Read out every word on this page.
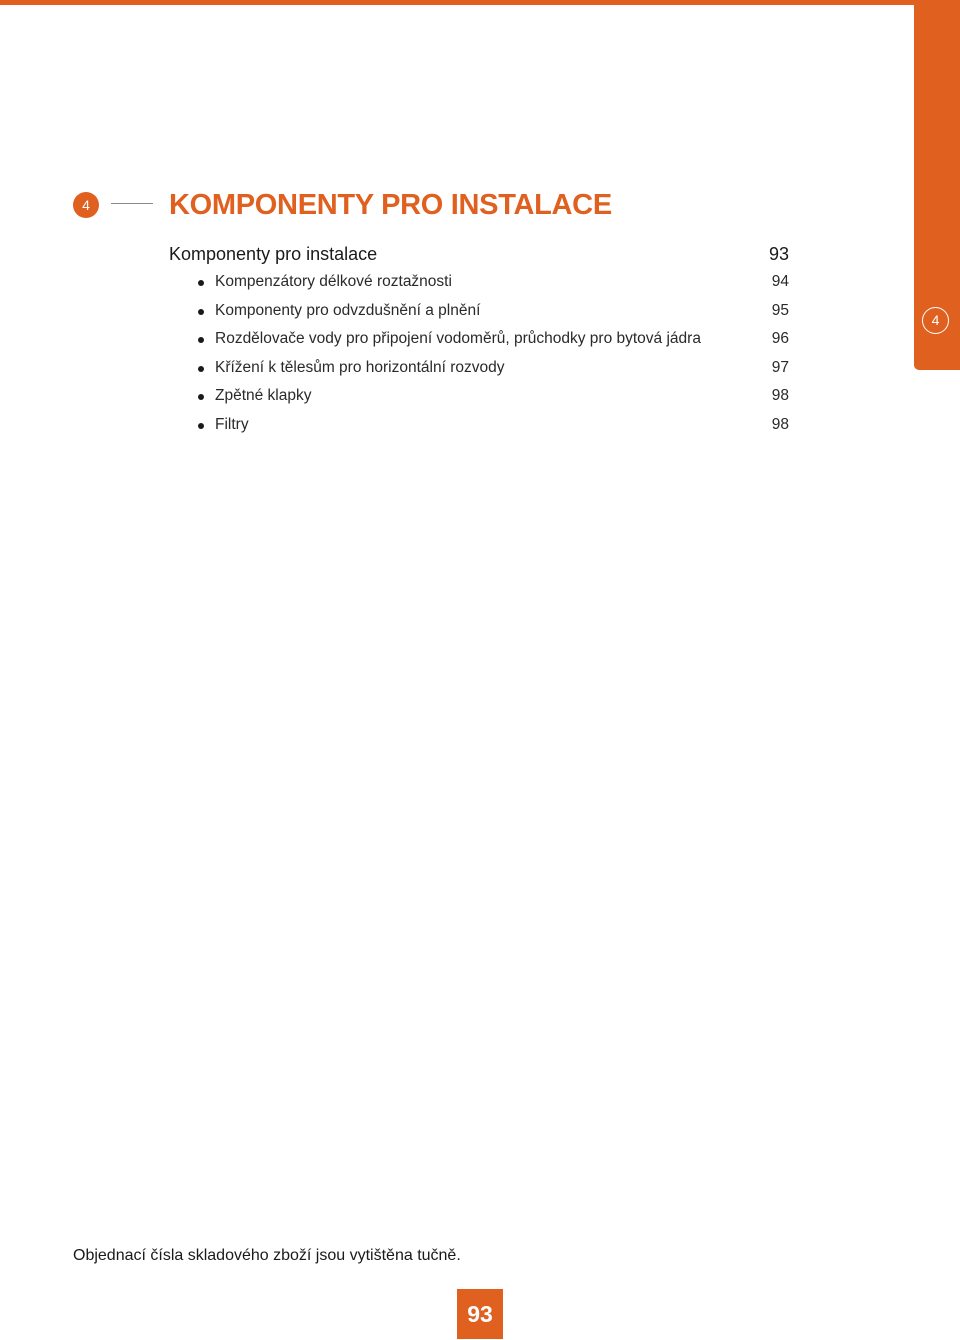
4
4	KOMPONENTY PRO INSTALACE
Komponenty pro instalace	93
Kompenzátory délkové roztažnosti	94
Komponenty pro odvzdušnění a plnění	95
Rozdělovače vody pro připojení vodoměrů, průchodky pro bytová jádra	96
Křížení k tělesům pro horizontální rozvody	97
Zpětné klapky	98
Filtry	98
Objednací čísla skladového zboží jsou vytištěna tučně.
93
